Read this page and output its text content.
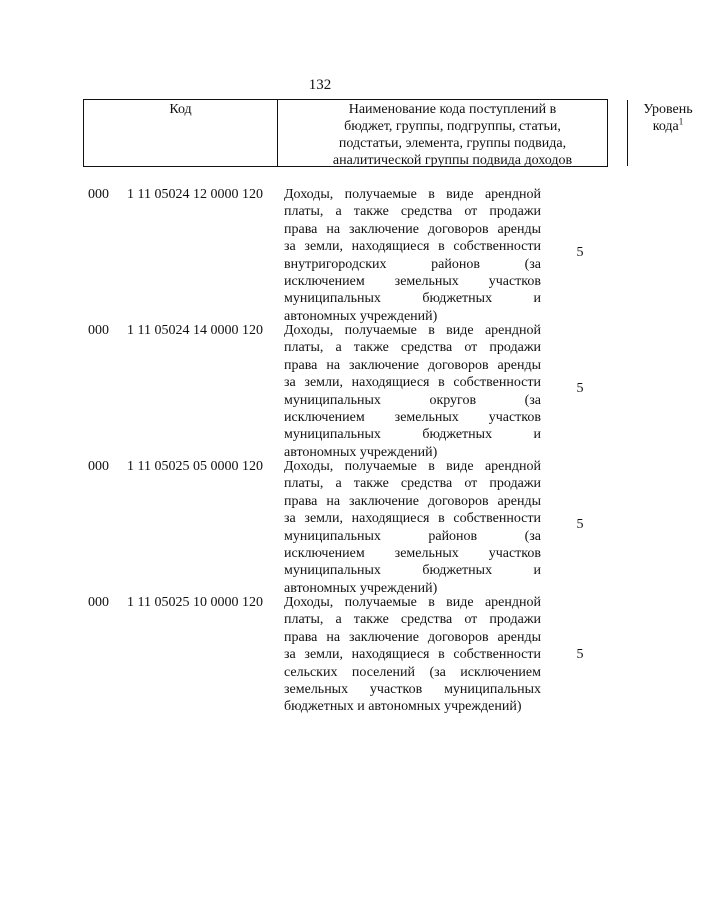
132
Код	Наименование кода поступлений в
бюджет, группы, подгруппы, статьи,
подстатьи, элемента, группы подвида,
аналитической группы подвида доходов
Уровень
кода$^1$
000 1 11 05024 12 0000 120 Доходы, получаемые в виде арендной
платы, а также средства от продажи
права на заключение договоров аренды
за земли, находящиеся в собственности
внутригородских районов (за
исключением земельных участков
муниципальных бюджетных и
автономных учреждений)
5
000 1 11 05024 14 0000 120 Доходы, получаемые в виде арендной
платы, а также средства от продажи
права на заключение договоров аренды
за земли, находящиеся в собственности
муниципальных округов (за
исключением земельных участков
муниципальных бюджетных и
автономных учреждений)
5
000 1 11 05025 05 0000 120 Доходы, получаемые в виде арендной
платы, а также средства от продажи
права на заключение договоров аренды
за земли, находящиеся в собственности
муниципальных районов (за
исключением земельных участков
муниципальных бюджетных и
автономных учреждений)
5
000 1 11 05025 10 0000 120 Доходы, получаемые в виде арендной
платы, а также средства от продажи
права на заключение договоров аренды
за земли, находящиеся в собственности
сельских поселений (за исключением
земельных участков муниципальных
бюджетных и автономных учреждений)
5
